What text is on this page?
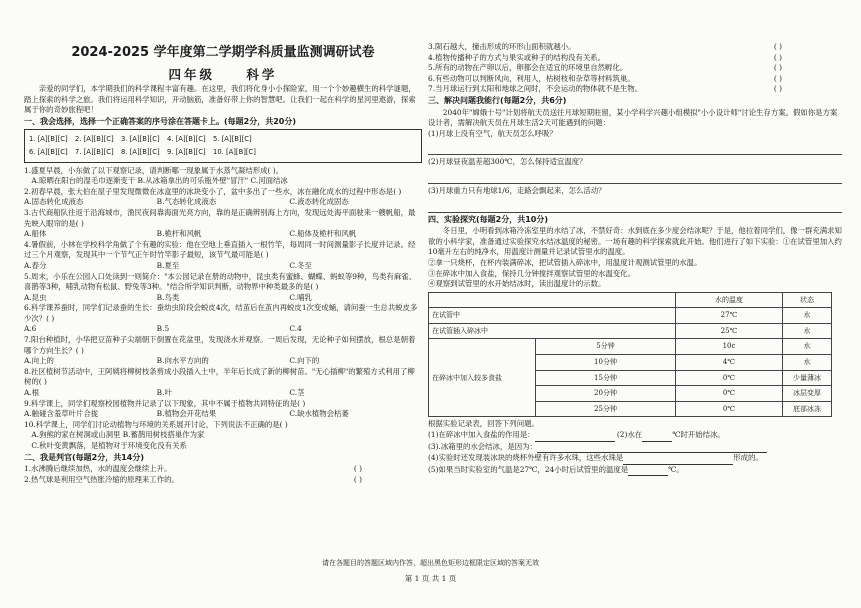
2024-2025 学年度第二学期学科质量监测调研试卷
四年级	科学

亲爱的同学们，本学期我们的科学课程丰富有趣。在这里，我们将化身小小探险家，用一个个妙趣横生的科学谜题，踏上探索的科学之旅。我们将运用科学知识，开动脑筋，准备好带上你的智慧吧。让我们一起在科学的星河里遨游，探索属于你的奇妙旅程吧！

一、我会选择，选择一个正确答案的序号涂在答题卡上。(每题2分，共20分)
1. [A][B][C] 2. [A][B][C] 3. [A][B][C] 4. [A][B][C] 5. [A][B][C]
6. [A][B][C] 7. [A][B][C] 8. [A][B][C] 9. [A][B][C] 10. [A][B][C]

1.盛夏早晨，小东做了以下观察记录，请判断哪一现象属于水蒸气凝结形成( )。

A.晾晒在阳台的湿毛巾逐渐变干 B.从冰箱拿出的可乐瓶外壁"冒汗" C.河面结冰

2.初春早晨，张大伯在屋子里发现微微在冰盒里的冰块变小了，盆中多出了一些水，冰在融化成水的过程中形态是( )

A.固态转化成液态	B.气态转化成液态	C.液态转化成固态

3.古代商船队往返于沿海城市，渔民夜间靠海面光亮方向，靠的是正确辨别海上方向，发现远处海平面驶来一艘帆船，最先映入眼帘的是( )

A.船体	B.桅杆和风帆	C.船体及桅杆和风帆

4.暑假前，小林在学校科学角做了个有趣的实验：他在空地上垂直插入一根竹竿，每周同一时间测量影子长度并记录。经过三个月观察，发现其中一个节气正午时竹竿影子最短，该节气最可能是( )

A.春分	B.夏至	C.冬至

5.周末，小乐在公园入口处读到一则简介："本公园记录在册的动物中，昆虫类有蜜蜂、蝴蝶、蚂蚁等9种，鸟类有麻雀、喜鹊等3种，哺乳动物有松鼠、野兔等3种。"结合所学知识判断，动物界中种类最多的是( )

A.昆虫	B.鸟类	C.哺乳

6.科学课养蚕时，同学们记录蚕的生长：蚕幼虫阶段会蜕皮4次，结茧后在茧内再蜕皮1次变成蛹，请问蚕一生总共蜕皮多少次？( )

A.6	B.5	C.4

7.阳台种植时，小华把豆苗种子尖端朝下倒置在花盆里，发现浇水并观察。一周后发现，无论种子如何摆放，根总是朝着哪个方向生长？( )

A.向上的	B.向水平方向的	C.向下的

8.社区植树节活动中，王阿姨将柳树枝条剪成小段插入土中，半年后长成了新的柳树苗。"无心插柳"的繁殖方式利用了柳树的( )

A.根	B.叶	C.茎

9.科学课上，同学们观察校园植物并记录了以下现象，其中不属于植物共同特征的是( )

A.触碰含羞草叶片合拢	B.植物会开花结果	C.缺水植物会枯萎

10.科学课上，同学们讨论动植物与环境的关系展开讨论，下列说法不正确的是( )

A.狗熊的家在树洞或山洞里 B.蓄鹊用树枝搭巢作为家

C.秋叶变黄飘落，是植物对于环境变化没有关系

二、我是判官(每题2分，共14分)

1.水沸腾后继续加热，水的温度会继续上升。	( )

2.热气球是利用空气热胀冷缩的原理来工作的。	( )

3.陨石越大，撞击形成的环形山面积就越小。	( )

4.植物传播种子的方式与果实或种子的结构没有关系。	( )

5.所有的动物在产卵以后，卵都会在适宜的环境里自然孵化。	( )

6.有些动物可以判断风向，利用人，枯树枝和杂草等材料筑巢。	( )

7.当月球运行到太阳和地球之间时，不会运动的物体就不是生物。	( )

三、解决问题我能行(每题2分，共6分)

2040年"嫦娥十号"计划将航天员送往月球短期驻留，某小学科学兴趣小组模拟"小小设计师"讨论生存方案。假如你是方案设计者，需解决航天员在月球生活2天可能遇到的问题：

(1)月球上没有空气，航天员怎么呼吸？

(2)月球昼夜温差超300℃，怎么保持适宜温度？

(3)月球重力只有地球1/6，走路会飘起来，怎么活动？

四、实验探究(每题2分，共10分)

冬日里，小明看到冰箱冷冻室里的水结了冰，不禁好奇：水到底在多少度会结冰呢？于是，他拉着同学们，像一群充满求知欲的小科学家，准备通过实验探究水结冰温度的秘密。一场有趣的科学探索就此开始。他们进行了如下实验：①在试管里加入约10毫升左右的纯净水，用温度计测量并记录试管里水的温度。

②拿一只烧杯，在杯内装满碎冰，把试管插入碎冰中，用温度计观测试管里的水温。

③在碎冰中加入食盐，保持几分钟搅拌观察试管里的水温变化。

④观察到试管里的水开始结冰时，读出温度计的示数。

		水的温度	状态
在试管中		27℃	水
在试管插入碎冰中		25℃	水
在碎冰中加入较多食盐	5分钟	10c	水
	10分钟	4℃	水
	15分钟	0℃	少量薄冰
	20分钟	0℃	冰层变厚
	25分钟	0℃	底部冰冻

根据实验记录表，回答下列问题。

(1)在碎冰中加入食盐的作用是：	(2)水在	℃时开始结冰。

(3).冰箱里的水会结冰，是因为：

(4)实验时还发现装冰块的烧杯外壁有许多水珠，这些水珠是	形成的。

(5)如果当时实验室的气温是27℃，24小时后试管里的温度是	℃。

请在各题目的答题区域内作答，超出黑色矩形边框限定区域的答案无效
第 1 页 共 1 页
